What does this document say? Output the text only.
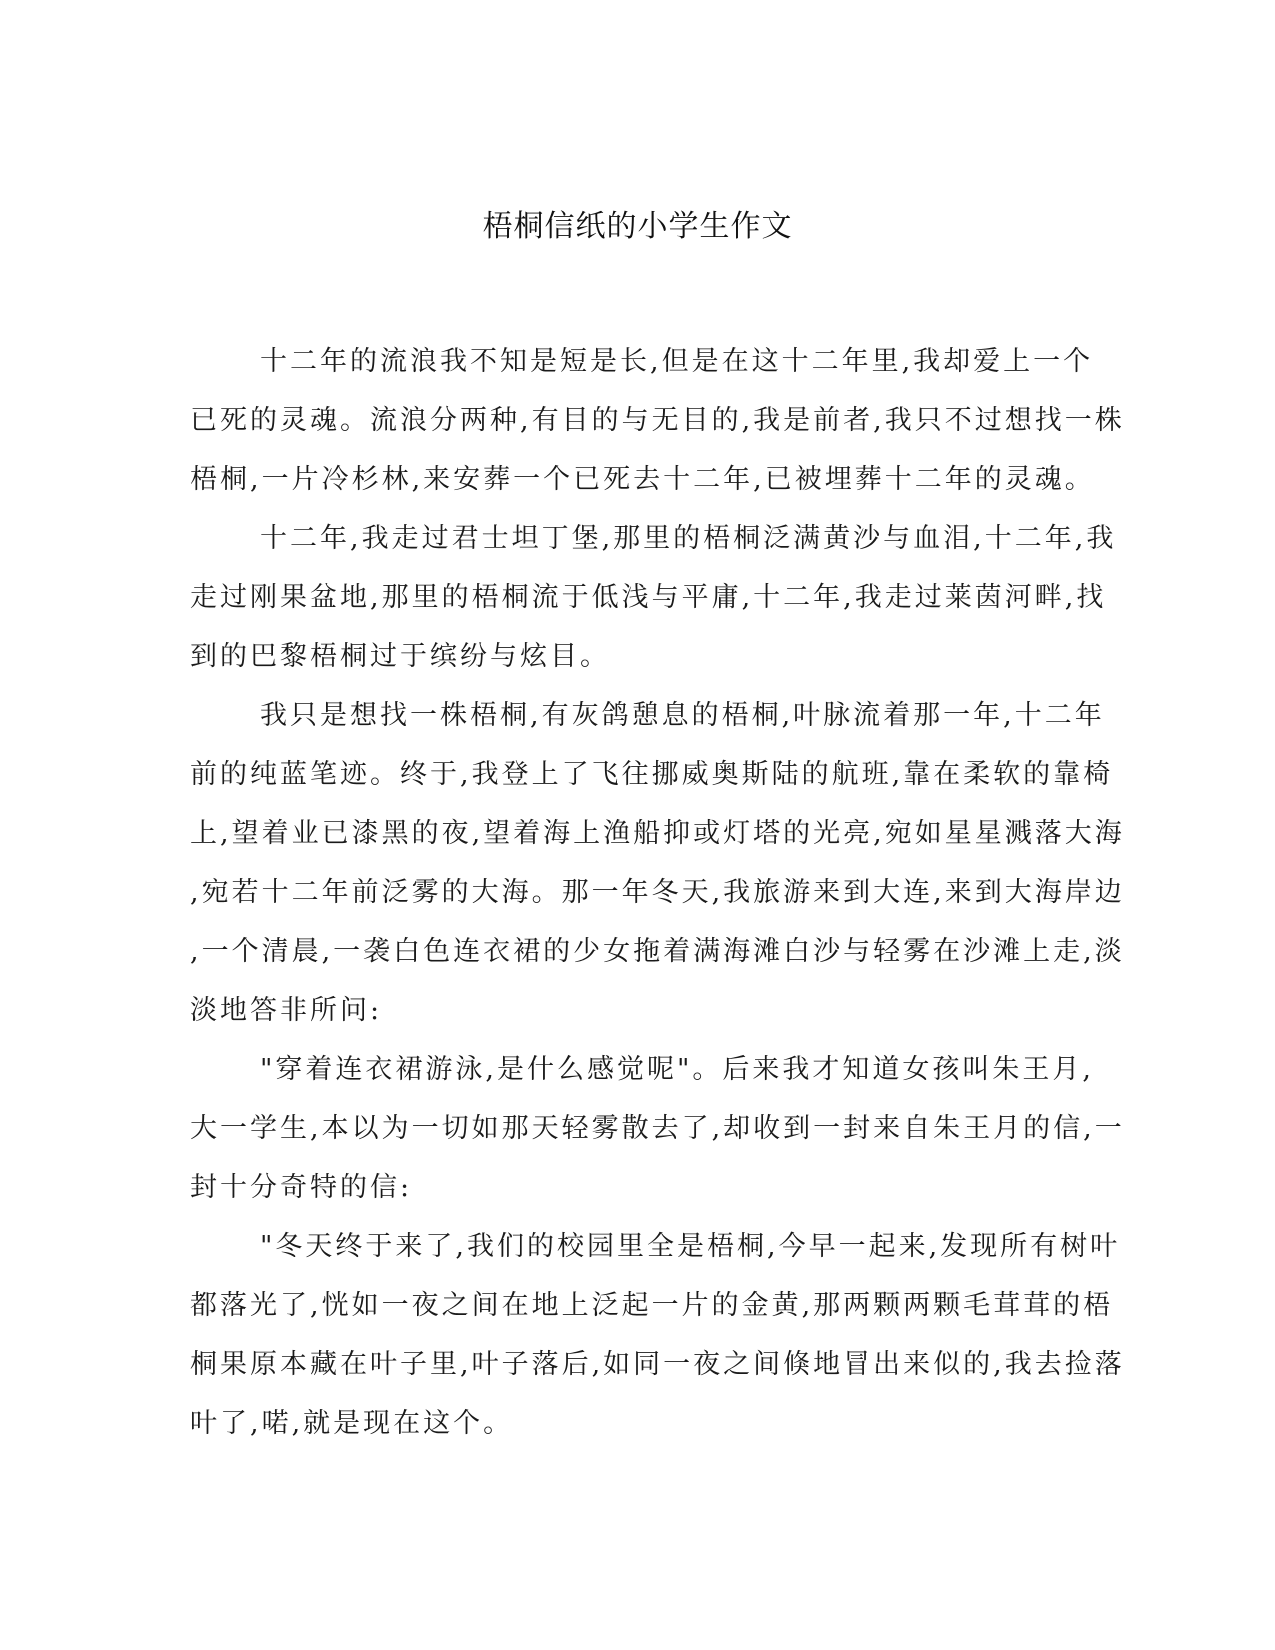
梧桐信纸的小学生作文

十二年的流浪我不知是短是长,但是在这十二年里,我却爱上一个
已死的灵魂。流浪分两种,有目的与无目的,我是前者,我只不过想找一株
梧桐,一片冷杉林,来安葬一个已死去十二年,已被埋葬十二年的灵魂。

十二年,我走过君士坦丁堡,那里的梧桐泛满黄沙与血泪,十二年,我
走过刚果盆地,那里的梧桐流于低浅与平庸,十二年,我走过莱茵河畔,找
到的巴黎梧桐过于缤纷与炫目。

我只是想找一株梧桐,有灰鸽憩息的梧桐,叶脉流着那一年,十二年
前的纯蓝笔迹。终于,我登上了飞往挪威奥斯陆的航班,靠在柔软的靠椅
上,望着业已漆黑的夜,望着海上渔船抑或灯塔的光亮,宛如星星溅落大海
,宛若十二年前泛雾的大海。那一年冬天,我旅游来到大连,来到大海岸边
,一个清晨,一袭白色连衣裙的少女拖着满海滩白沙与轻雾在沙滩上走,淡
淡地答非所问:

"穿着连衣裙游泳,是什么感觉呢"。后来我才知道女孩叫朱王月,
大一学生,本以为一切如那天轻雾散去了,却收到一封来自朱王月的信,一
封十分奇特的信:

"冬天终于来了,我们的校园里全是梧桐,今早一起来,发现所有树叶
都落光了,恍如一夜之间在地上泛起一片的金黄,那两颗两颗毛茸茸的梧
桐果原本藏在叶子里,叶子落后,如同一夜之间倏地冒出来似的,我去捡落
叶了,喏,就是现在这个。
